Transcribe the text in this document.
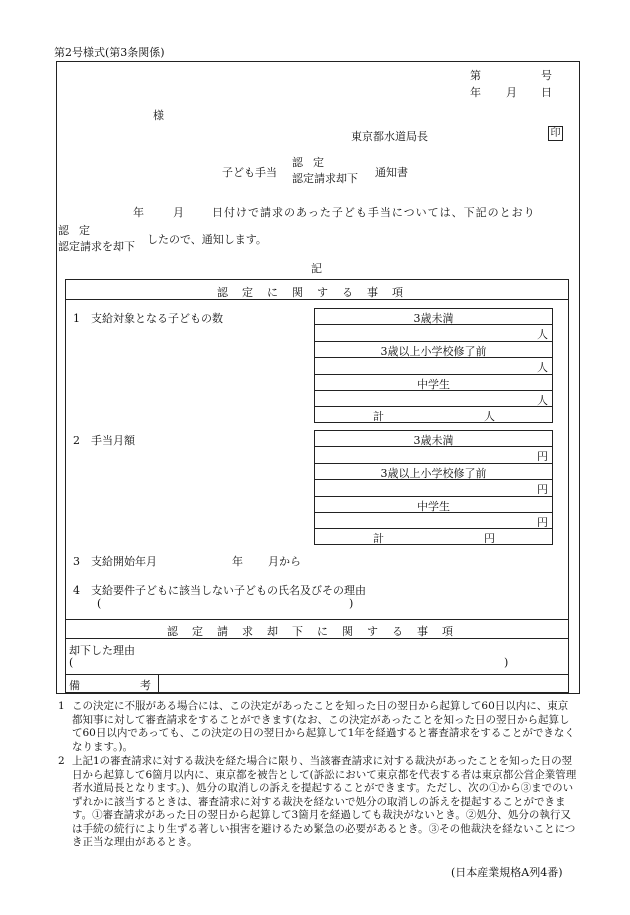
第2号様式(第3条関係)
第	号
年 月 日
様
東京都水道局長	印
子ども手当
認定
認定請求却下 通知書
年	月	日付けで請求のあった子ども手当については、下記のとおり
認定
認定請求を却下
したので、通知します。
記
認定に関する事項
1　支給対象となる子どもの数	3歳未満
人
3歳以上小学校修了前
人
中学生
人
計	人
2　手当月額	3歳未満
円
3歳以上小学校修了前
円
中学生
円
計	円
3　支給開始年月	年 月から
4　支給要件子どもに該当しない子どもの氏名及びその理由
(	)
認定請求却下に関する事項
却下した理由
(	)
備考
1 この決定に不服がある場合には、この決定があったことを知った日の翌日から起算して60日以内に、東京都知事に対して審査請求をすることができます(なお、この決定があったことを知った日の翌日から起算して60日以内であっても、この決定の日の翌日から起算して1年を経過すると審査請求をすることができなくなります。)。
2 上記1の審査請求に対する裁決を経た場合に限り、当該審査請求に対する裁決があったことを知った日の翌日から起算して6箇月以内に、東京都を被告として(訴訟において東京都を代表する者は東京都公営企業管理者水道局長となります。)、処分の取消しの訴えを提起することができます。ただし、次の①から③までのいずれかに該当するときは、審査請求に対する裁決を経ないで処分の取消しの訴えを提起することができます。①審査請求があった日の翌日から起算して3箇月を経過しても裁決がないとき。②処分、処分の執行又は手続の続行により生ずる著しい損害を避けるため緊急の必要があるとき。③その他裁決を経ないことにつき正当な理由があるとき。
(日本産業規格A列4番)
